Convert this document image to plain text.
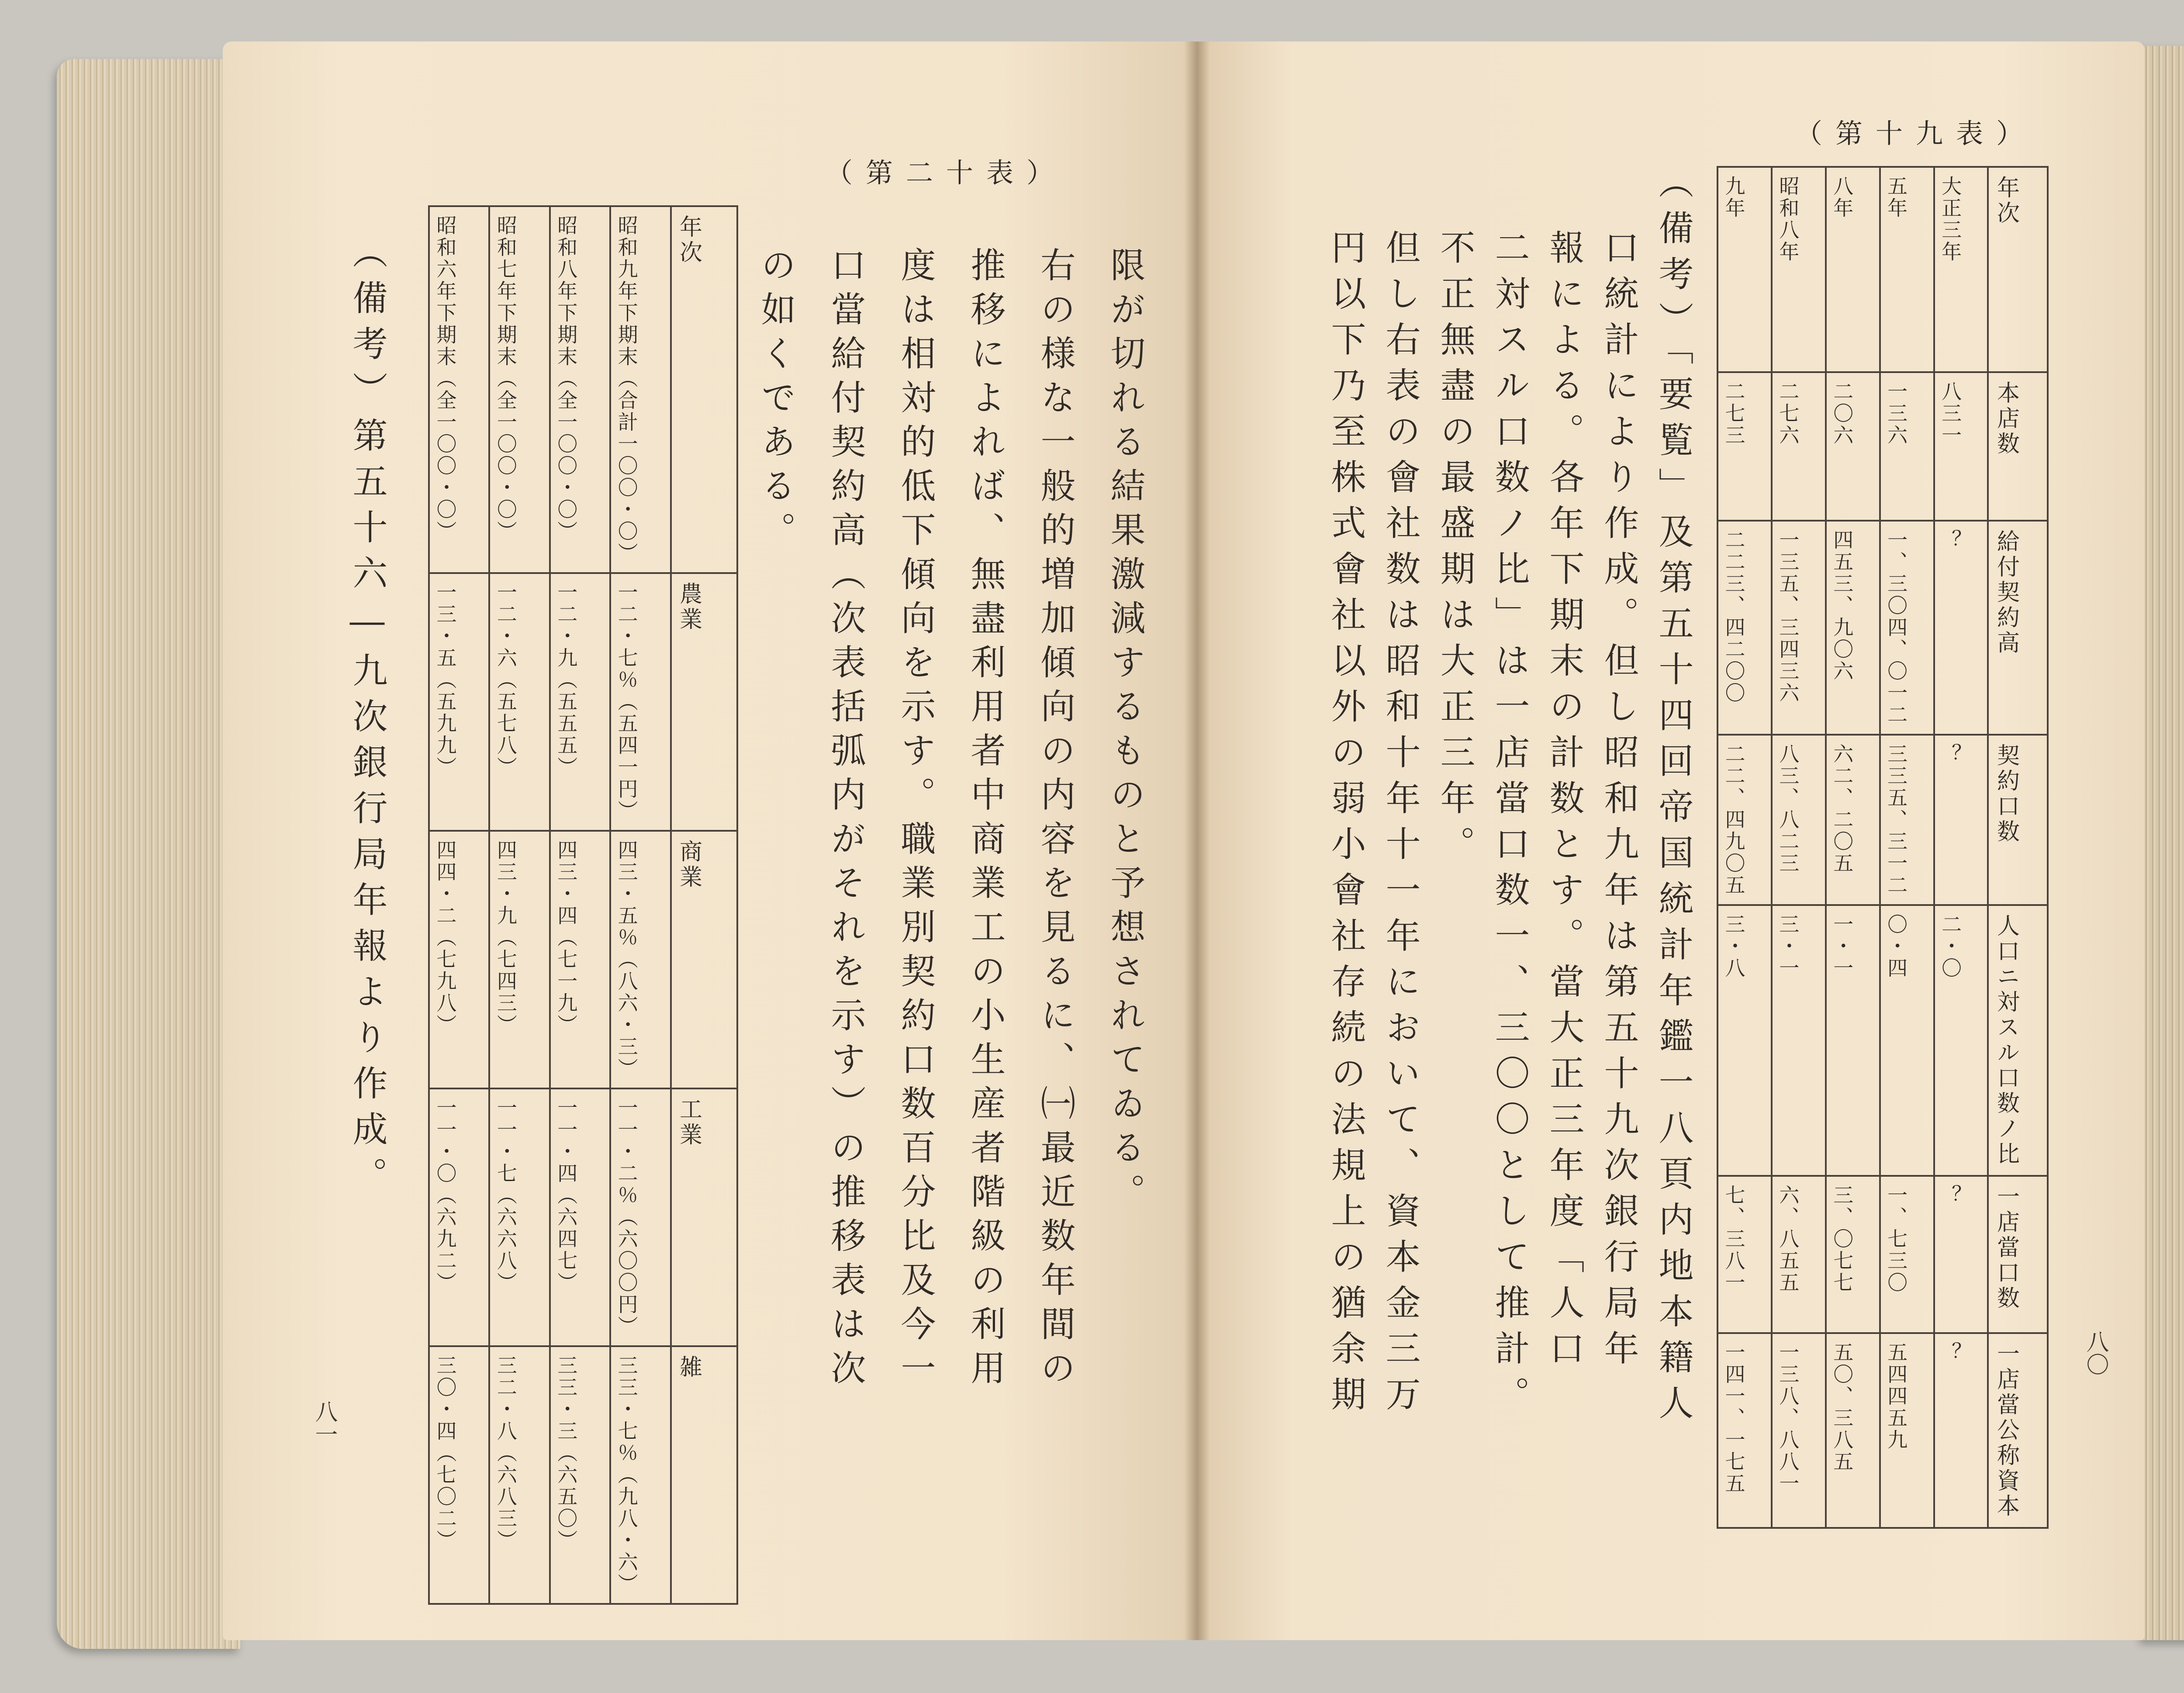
（第二十表）
限が切れる結果激減するものと予想されてゐる。
右の様な一般的増加傾向の内容を見るに、㈠最近数年間の
推移によれば、無盡利用者中商業工の小生産者階級の利用
度は相対的低下傾向を示す。職業別契約口数百分比及今一
口當給付契約高（次表括弧内がそれを示す）の推移表は次
の如くである。
昭和六年下期末（全一〇〇・〇）	昭和七年下期末（全一〇〇・〇）	昭和八年下期末（全一〇〇・〇）	昭和九年下期末（合計一〇〇・〇）	年次

一三・五（五九九）	一二・六（五七八）	一二・九（五五五）	一二・七％（五四一円）	農業

四四・二（七九八）	四三・九（七四三）	四三・四（七一九）	四三・五％（八六・三）	商業

一一・〇（六九二）	一一・七（六六八）	一一・四（六四七）	一一・二％（六〇〇円）	工業

三〇・四（七〇二）	三二・八（六八三）	三三・三（六五〇）	三三・七％（九八・六）	雑
（備考）第五十六―九次銀行局年報より作成。
八一
（第十九表）
九年	昭和八年	八年	五年	大正三年	年次

二七三	二七六	二〇六	一三六	八三一	本店数

二二三、四二〇〇	一三五、三四三六	四五三、九〇六	一、三〇四、〇一二	？	給付契約高

二二、四九〇五	八三、八二三	六二、二〇五	三三五、三一二	？	契約口数

三・八	三・一	一・一	〇・四	二・〇	人口ニ対スル口数ノ比

七、三八一	六、八五五	三、〇七七	一、七三〇	？	一店當口数

一四一、一七五	一三八、八八一	五〇、三八五	五四四五九	？	一店當公称資本
（備考）「要覧」及第五十四回帝国統計年鑑一八頁内地本籍人
口統計により作成。但し昭和九年は第五十九次銀行局年
報による。各年下期末の計数とす。當大正三年度「人口
二対スル口数ノ比」は一店當口数一、三〇〇として推計。
不正無盡の最盛期は大正三年。
但し右表の會社数は昭和十年十一年において、資本金三万
円以下乃至株式會社以外の弱小會社存続の法規上の猶余期	八〇
